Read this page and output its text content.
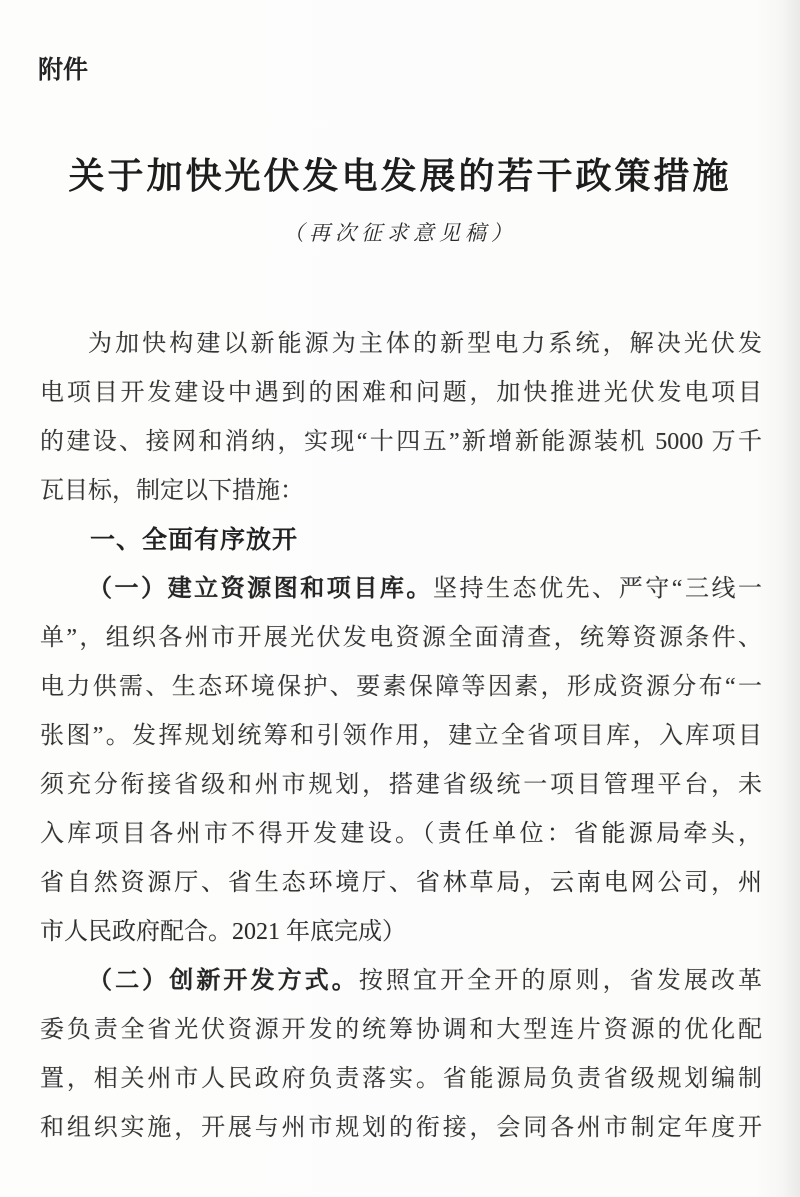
附件
关于加快光伏发电发展的若干政策措施
（再次征求意见稿）
为加快构建以新能源为主体的新型电力系统，解决光伏发
电项目开发建设中遇到的困难和问题，加快推进光伏发电项目
的建设、接网和消纳，实现“十四五”新增新能源装机 5000 万千
瓦目标，制定以下措施：
一、全面有序放开
（一）建立资源图和项目库。坚持生态优先、严守“三线一
单”，组织各州市开展光伏发电资源全面清查，统筹资源条件、
电力供需、生态环境保护、要素保障等因素，形成资源分布“一
张图”。发挥规划统筹和引领作用，建立全省项目库，入库项目
须充分衔接省级和州市规划，搭建省级统一项目管理平台，未
入库项目各州市不得开发建设。（责任单位：省能源局牵头，
省自然资源厅、省生态环境厅、省林草局，云南电网公司，州
市人民政府配合。2021 年底完成）
（二）创新开发方式。按照宜开全开的原则，省发展改革
委负责全省光伏资源开发的统筹协调和大型连片资源的优化配
置，相关州市人民政府负责落实。省能源局负责省级规划编制
和组织实施，开展与州市规划的衔接，会同各州市制定年度开
